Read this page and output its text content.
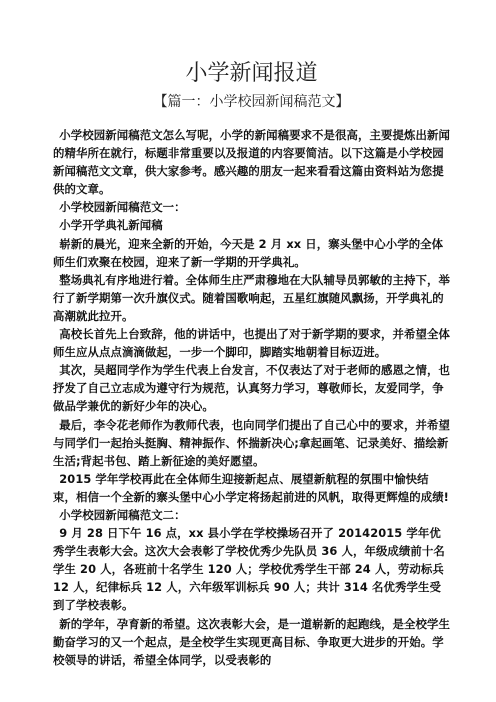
小学新闻报道
【篇一：小学校园新闻稿范文】

小学校园新闻稿范文怎么写呢，小学的新闻稿要求不是很高，主要提炼出新闻的精华所在就行，标题非常重要以及报道的内容要简洁。以下这篇是小学校园新闻稿范文文章，供大家参考。感兴趣的朋友一起来看看这篇由资料站为您提供的文章。

小学校园新闻稿范文一：

小学开学典礼新闻稿

崭新的晨光，迎来全新的开始，今天是 2 月 xx 日，寨头堡中心小学的全体师生们欢聚在校园，迎来了新一学期的开学典礼。

整场典礼有序地进行着。全体师生庄严肃穆地在大队辅导员郭敏的主持下，举行了新学期第一次升旗仪式。随着国歌响起，五星红旗随风飘扬，开学典礼的高潮就此拉开。

高校长首先上台致辞，他的讲话中，也提出了对于新学期的要求，并希望全体师生应从点点滴滴做起，一步一个脚印，脚踏实地朝着目标迈进。

其次，吴超同学作为学生代表上台发言，不仅表达了对于老师的感恩之情，也抒发了自己立志成为遵守行为规范，认真努力学习，尊敬师长，友爱同学，争做品学兼优的新好少年的决心。

最后，李令花老师作为教师代表，也向同学们提出了自己心中的要求，并希望与同学们一起抬头挺胸、精神振作、怀揣新决心;拿起画笔、记录美好、描绘新生活;背起书包、踏上新征途的美好愿望。

2015 学年学校再此在全体师生迎接新起点、展望新航程的氛围中愉快结束，相信一个全新的寨头堡中心小学定将扬起前进的风帆，取得更辉煌的成绩!

小学校园新闻稿范文二：

9 月 28 日下午 16 点，xx 县小学在学校操场召开了 20142015 学年优秀学生表彰大会。这次大会表彰了学校优秀少先队员 36 人，年级成绩前十名学生 20 人，各班前十名学生 120 人；学校优秀学生干部 24 人，劳动标兵 12 人，纪律标兵 12 人，六年级军训标兵 90 人；共计 314 名优秀学生受到了学校表彰。

新的学年，孕育新的希望。这次表彰大会，是一道崭新的起跑线，是全校学生勤奋学习的又一个起点，是全校学生实现更高目标、争取更大进步的开始。学校领导的讲话，希望全体同学，以受表彰的
